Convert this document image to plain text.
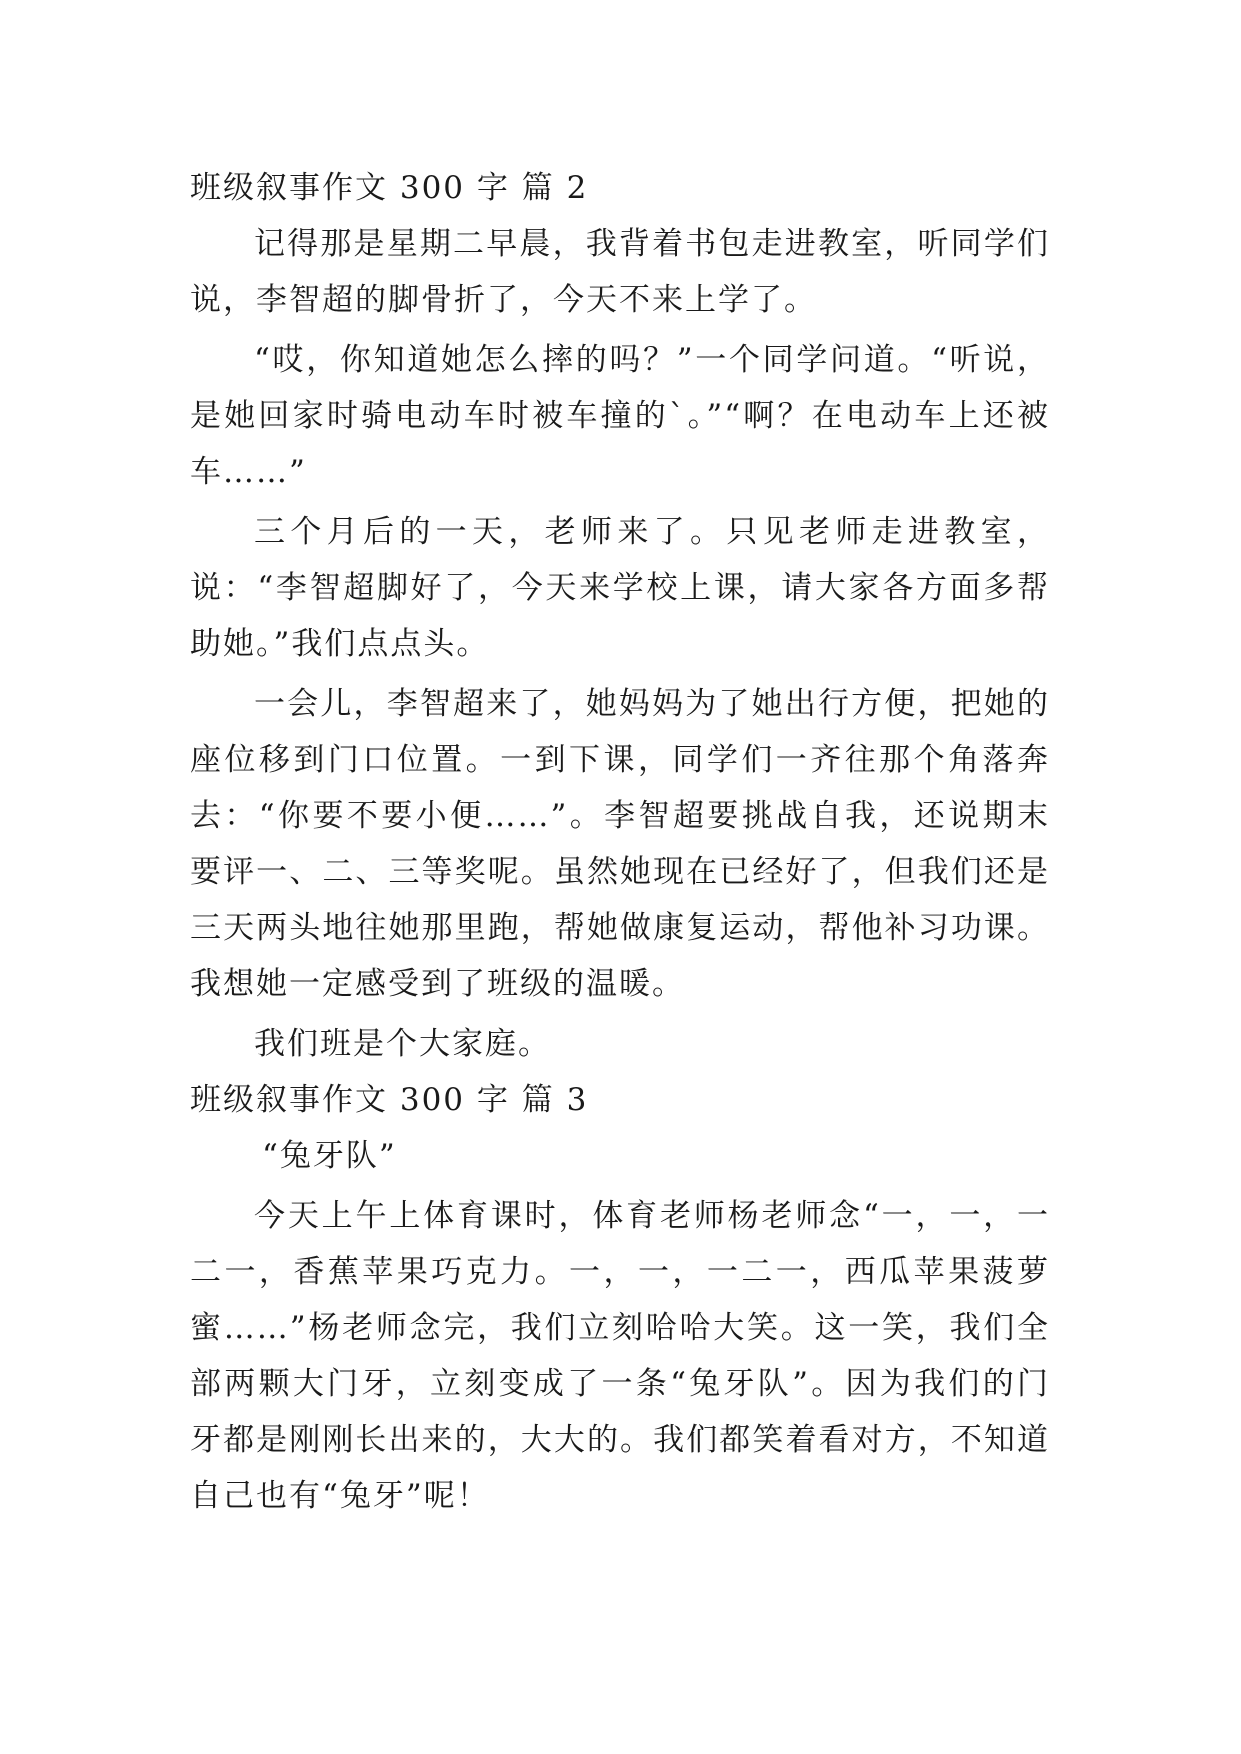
班级叙事作文 300 字 篇 2

记得那是星期二早晨，我背着书包走进教室，听同学们说，李智超的脚骨折了，今天不来上学了。

“哎，你知道她怎么摔的吗？”一个同学问道。“听说，是她回家时骑电动车时被车撞的`。”“啊？在电动车上还被车……”

三个月后的一天，老师来了。只见老师走进教室，说：“李智超脚好了，今天来学校上课，请大家各方面多帮助她。”我们点点头。

一会儿，李智超来了，她妈妈为了她出行方便，把她的座位移到门口位置。一到下课，同学们一齐往那个角落奔去：“你要不要小便……”。李智超要挑战自我，还说期末要评一、二、三等奖呢。虽然她现在已经好了，但我们还是三天两头地往她那里跑，帮她做康复运动，帮他补习功课。我想她一定感受到了班级的温暖。

我们班是个大家庭。

班级叙事作文 300 字 篇 3

“兔牙队”

今天上午上体育课时，体育老师杨老师念“一，一，一二一，香蕉苹果巧克力。一，一，一二一，西瓜苹果菠萝蜜……”杨老师念完，我们立刻哈哈大笑。这一笑，我们全部两颗大门牙，立刻变成了一条“兔牙队”。因为我们的门牙都是刚刚长出来的，大大的。我们都笑着看对方，不知道自己也有“兔牙”呢！
